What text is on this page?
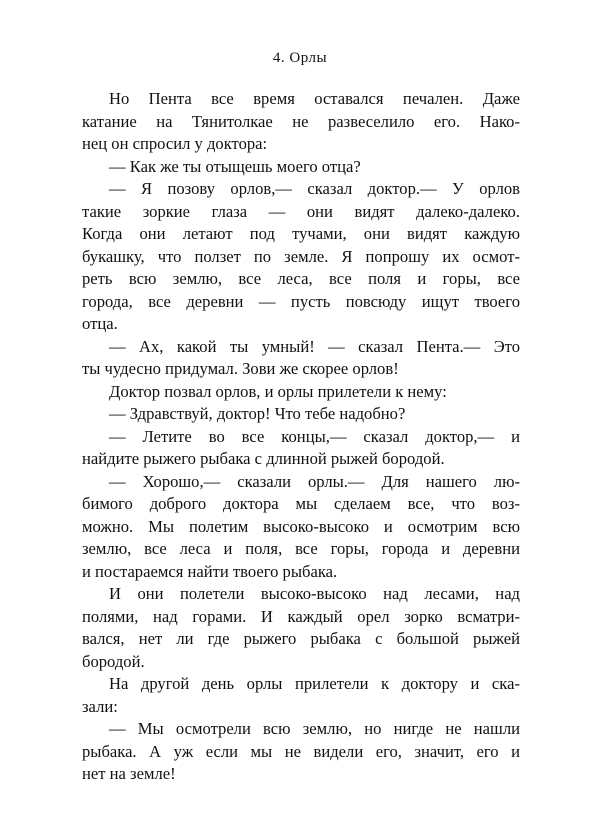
4. Орлы
Но Пента все время оставался печален. Даже
катание на Тянитолкае не развеселило его. Нако-
нец он спросил у доктора:
— Как же ты отыщешь моего отца?
— Я позову орлов,— сказал доктор.— У орлов
такие зоркие глаза — они видят далеко-далеко.
Когда они летают под тучами, они видят каждую
букашку, что ползет по земле. Я попрошу их осмот-
реть всю землю, все леса, все поля и горы, все
города, все деревни — пусть повсюду ищут твоего
отца.
— Ах, какой ты умный! — сказал Пента.— Это
ты чудесно придумал. Зови же скорее орлов!
Доктор позвал орлов, и орлы прилетели к нему:
— Здравствуй, доктор! Что тебе надобно?
— Летите во все концы,— сказал доктор,— и
найдите рыжего рыбака с длинной рыжей бородой.
— Хорошо,— сказали орлы.— Для нашего лю-
бимого доброго доктора мы сделаем все, что воз-
можно. Мы полетим высоко-высоко и осмотрим всю
землю, все леса и поля, все горы, города и деревни
и постараемся найти твоего рыбака.
И они полетели высоко-высоко над лесами, над
полями, над горами. И каждый орел зорко всматри-
вался, нет ли где рыжего рыбака с большой рыжей
бородой.
На другой день орлы прилетели к доктору и ска-
зали:
— Мы осмотрели всю землю, но нигде не нашли
рыбака. А уж если мы не видели его, значит, его и
нет на земле!
